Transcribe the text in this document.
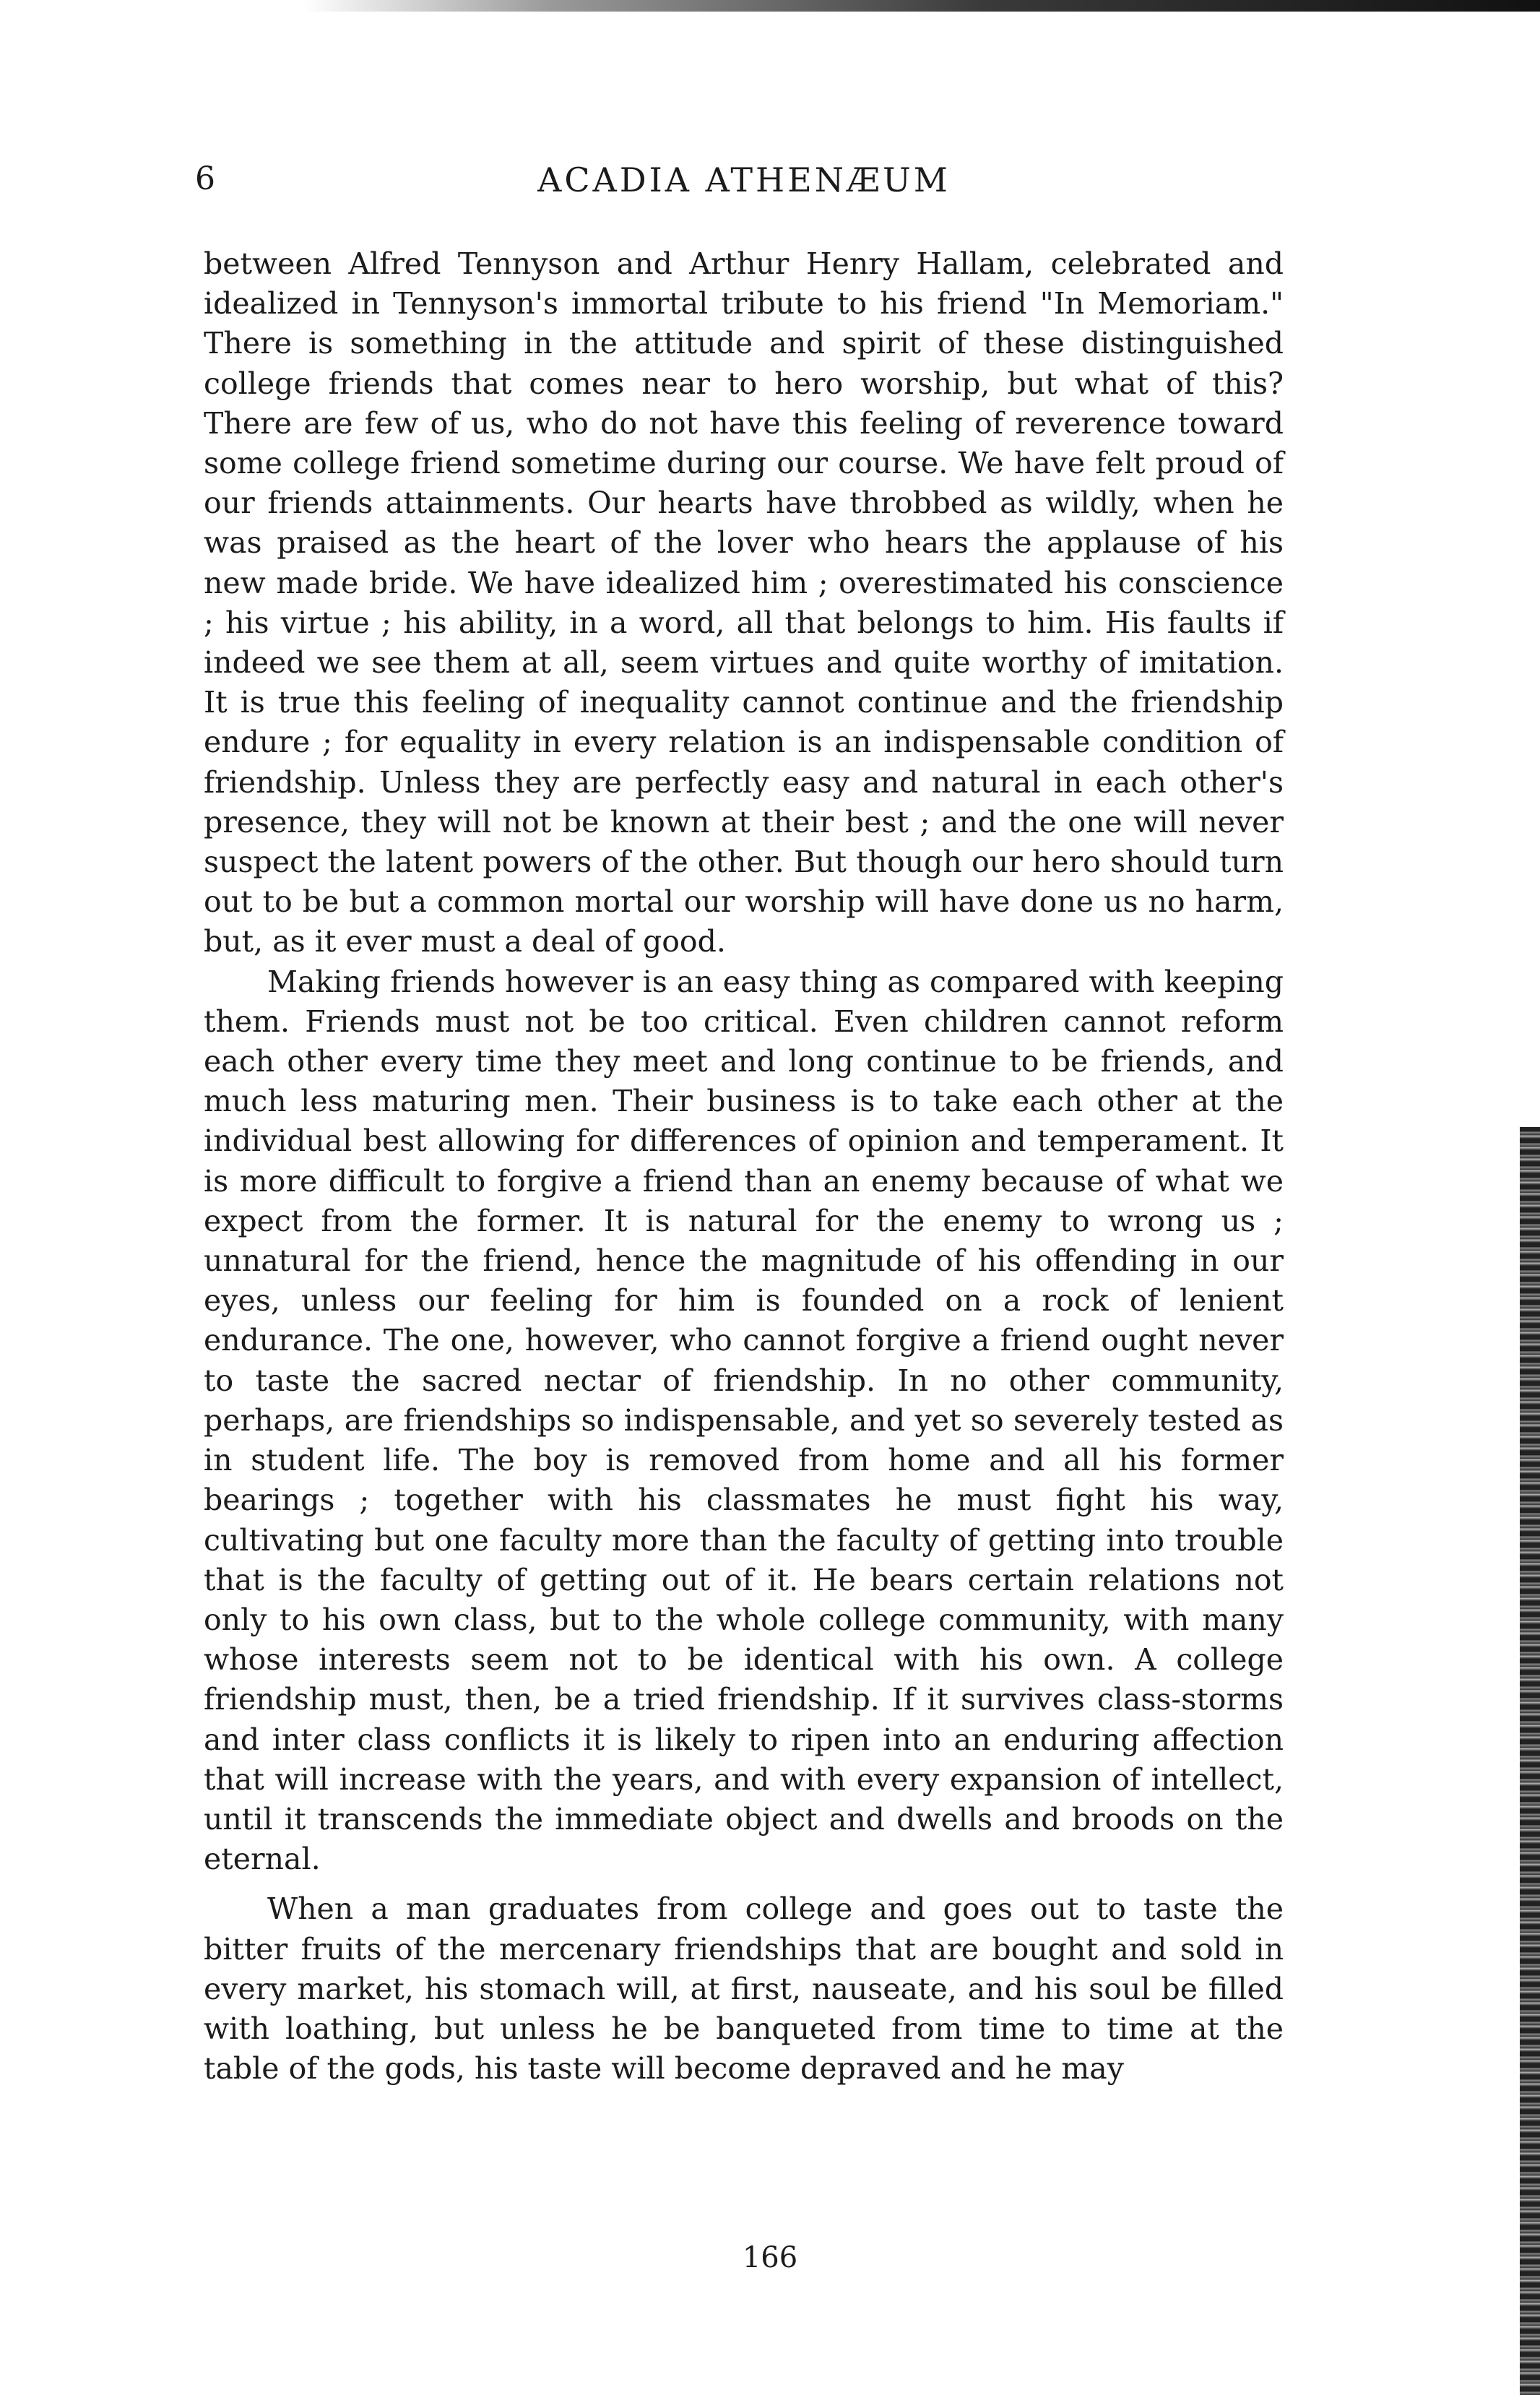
6	ACADIA ATHENÆUM

between Alfred Tennyson and Arthur Henry Hallam, celebrated and idealized in Tennyson's immortal tribute to his friend "In Memoriam." There is something in the attitude and spirit of these distinguished college friends that comes near to hero worship, but what of this? There are few of us, who do not have this feeling of reverence toward some college friend sometime during our course. We have felt proud of our friends attainments. Our hearts have throbbed as wildly, when he was praised as the heart of the lover who hears the applause of his new made bride. We have idealized him ; overestimated his conscience ; his virtue ; his ability, in a word, all that belongs to him. His faults if indeed we see them at all, seem virtues and quite worthy of imitation. It is true this feeling of inequality cannot continue and the friendship endure ; for equality in every relation is an indispensable condition of friendship. Unless they are perfectly easy and natural in each other's presence, they will not be known at their best ; and the one will never suspect the latent powers of the other. But though our hero should turn out to be but a common mortal our worship will have done us no harm, but, as it ever must a deal of good.

Making friends however is an easy thing as compared with keeping them. Friends must not be too critical. Even children cannot reform each other every time they meet and long continue to be friends, and much less maturing men. Their business is to take each other at the individual best allowing for differences of opinion and temperament. It is more difficult to forgive a friend than an enemy because of what we expect from the former. It is natural for the enemy to wrong us ; unnatural for the friend, hence the magnitude of his offending in our eyes, unless our feeling for him is founded on a rock of lenient endurance. The one, however, who cannot forgive a friend ought never to taste the sacred nectar of friendship. In no other community, perhaps, are friendships so indispensable, and yet so severely tested as in student life. The boy is removed from home and all his former bearings ; together with his classmates he must fight his way, cultivating but one faculty more than the faculty of getting into trouble that is the faculty of getting out of it. He bears certain relations not only to his own class, but to the whole college community, with many whose interests seem not to be identical with his own. A college friendship must, then, be a tried friendship. If it survives class-storms and inter class conflicts it is likely to ripen into an enduring affection that will increase with the years, and with every expansion of intellect, until it transcends the immediate object and dwells and broods on the eternal.

When a man graduates from college and goes out to taste the bitter fruits of the mercenary friendships that are bought and sold in every market, his stomach will, at first, nauseate, and his soul be filled with loathing, but unless he be banqueted from time to time at the table of the gods, his taste will become depraved and he may

166
